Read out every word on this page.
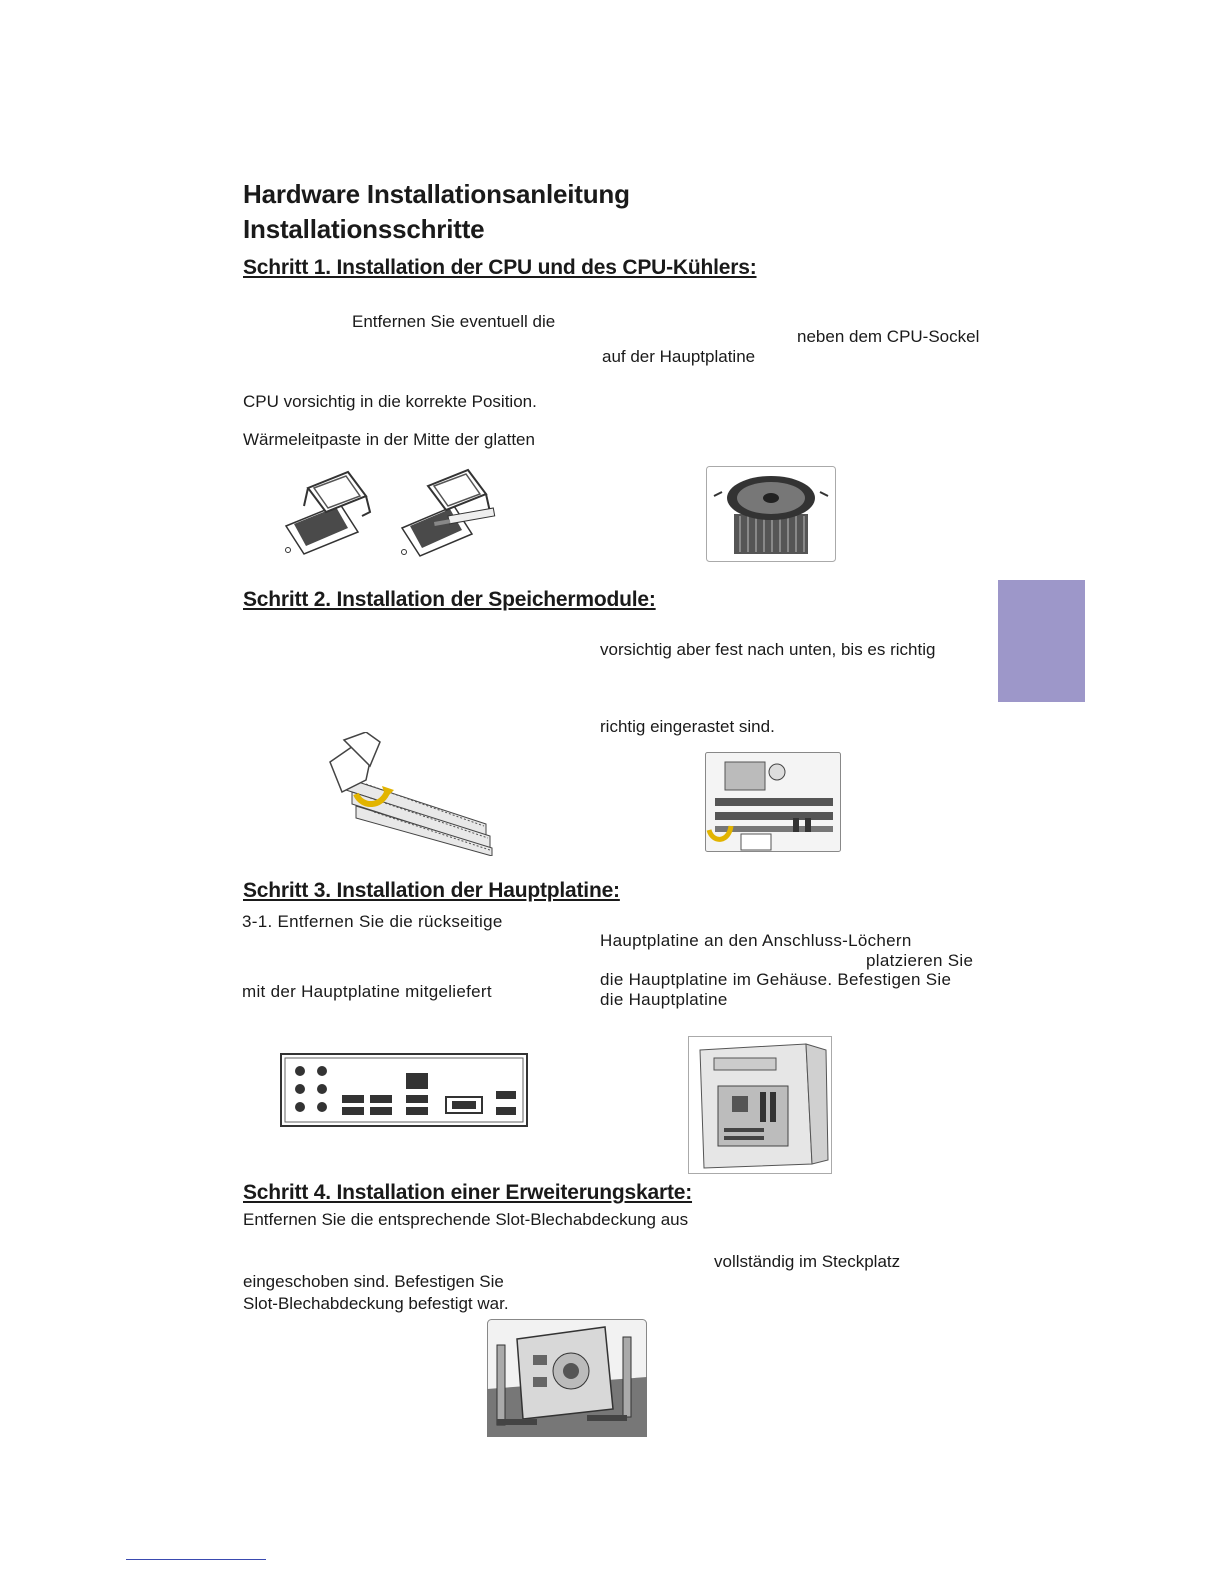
Hardware Installationsanleitung
Installationsschritte
Schritt 1. Installation der CPU und des CPU-Kühlers:
Entfernen Sie eventuell die
neben dem CPU-Sockel
auf der Hauptplatine
CPU vorsichtig in die korrekte Position.
Wärmeleitpaste in der Mitte der glatten
Schritt 2. Installation der Speichermodule:
vorsichtig aber fest nach unten, bis es richtig
richtig eingerastet sind.
Schritt 3. Installation der Hauptplatine:
3-1. Entfernen Sie die rückseitige
mit der Hauptplatine mitgeliefert
Hauptplatine an den Anschluss-Löchern
platzieren Sie
die Hauptplatine im Gehäuse. Befestigen Sie
die Hauptplatine
Schritt 4. Installation einer Erweiterungskarte:
Entfernen Sie die entsprechende Slot-Blechabdeckung aus
vollständig im Steckplatz
eingeschoben sind. Befestigen Sie
Slot-Blechabdeckung befestigt war.
